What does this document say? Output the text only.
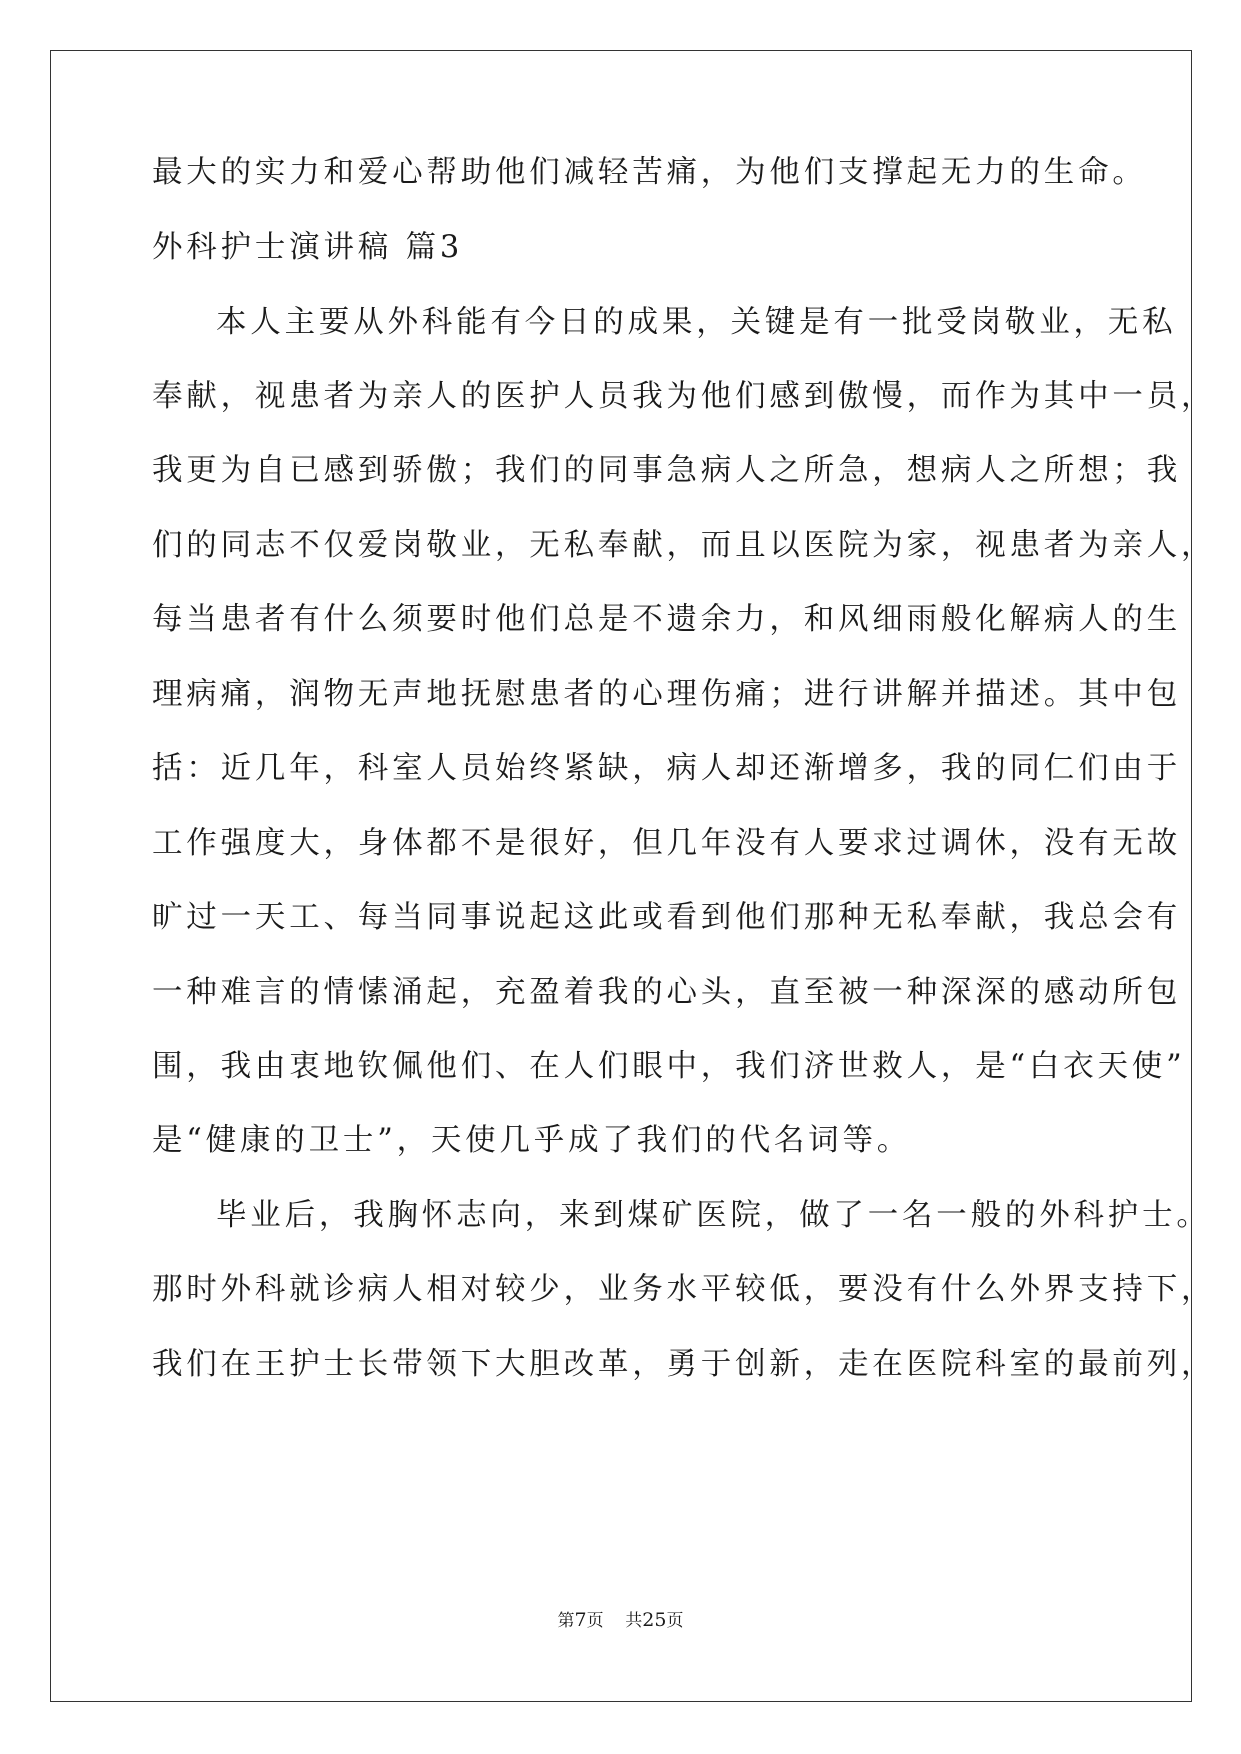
最大的实力和爱心帮助他们减轻苦痛，为他们支撑起无力的生命。
外科护士演讲稿 篇3
本人主要从外科能有今日的成果，关键是有一批受岗敬业，无私
奉献，视患者为亲人的医护人员我为他们感到傲慢，而作为其中一员，
我更为自已感到骄傲；我们的同事急病人之所急，想病人之所想；我
们的同志不仅爱岗敬业，无私奉献，而且以医院为家，视患者为亲人，
每当患者有什么须要时他们总是不遗余力，和风细雨般化解病人的生
理病痛，润物无声地抚慰患者的心理伤痛；进行讲解并描述。其中包
括：近几年，科室人员始终紧缺，病人却还渐增多，我的同仁们由于
工作强度大，身体都不是很好，但几年没有人要求过调休，没有无故
旷过一天工、每当同事说起这此或看到他们那种无私奉献，我总会有
一种难言的情愫涌起，充盈着我的心头，直至被一种深深的感动所包
围，我由衷地钦佩他们、在人们眼中，我们济世救人，是“白衣天使”
是“健康的卫士”，天使几乎成了我们的代名词等。
毕业后，我胸怀志向，来到煤矿医院，做了一名一般的外科护士。
那时外科就诊病人相对较少，业务水平较低，要没有什么外界支持下，
我们在王护士长带领下大胆改革，勇于创新，走在医院科室的最前列，
第7页    共25页
